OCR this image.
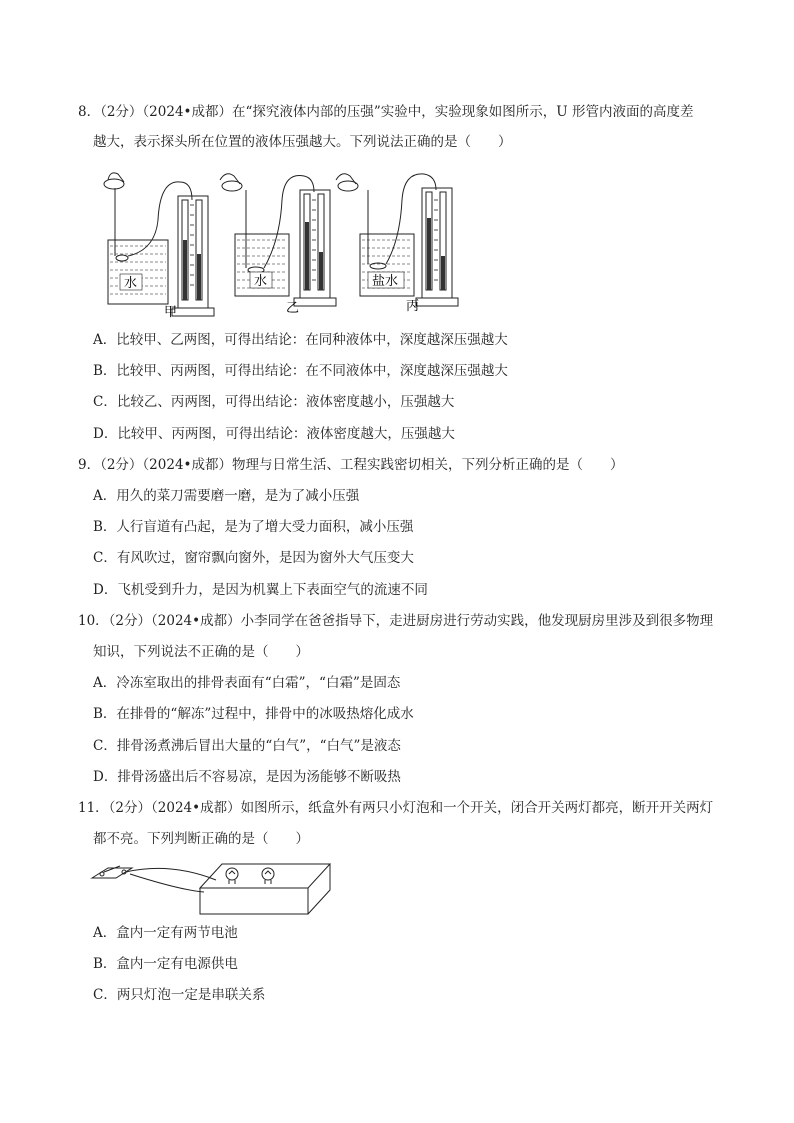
8．（2分）（2024•成都）在“探究液体内部的压强”实验中，实验现象如图所示，U 形管内液面的高度差
越大，表示探头所在位置的液体压强越大。下列说法正确的是（　　）
水	水	盐水
甲	乙	丙
A．比较甲、乙两图，可得出结论：在同种液体中，深度越深压强越大
B．比较甲、丙两图，可得出结论：在不同液体中，深度越深压强越大
C．比较乙、丙两图，可得出结论：液体密度越小，压强越大
D．比较甲、丙两图，可得出结论：液体密度越大，压强越大
9．（2分）（2024•成都）物理与日常生活、工程实践密切相关，下列分析正确的是（　　）
A．用久的菜刀需要磨一磨，是为了减小压强
B．人行盲道有凸起，是为了增大受力面积，减小压强
C．有风吹过，窗帘飘向窗外，是因为窗外大气压变大
D．飞机受到升力，是因为机翼上下表面空气的流速不同
10．（2分）（2024•成都）小李同学在爸爸指导下，走进厨房进行劳动实践，他发现厨房里涉及到很多物理
知识，下列说法不正确的是（　　）
A．冷冻室取出的排骨表面有“白霜”，“白霜”是固态
B．在排骨的“解冻”过程中，排骨中的冰吸热熔化成水
C．排骨汤煮沸后冒出大量的“白气”，“白气”是液态
D．排骨汤盛出后不容易凉，是因为汤能够不断吸热
11．（2分）（2024•成都）如图所示，纸盒外有两只小灯泡和一个开关，闭合开关两灯都亮，断开开关两灯
都不亮。下列判断正确的是（　　）
A．盒内一定有两节电池
B．盒内一定有电源供电
C．两只灯泡一定是串联关系
